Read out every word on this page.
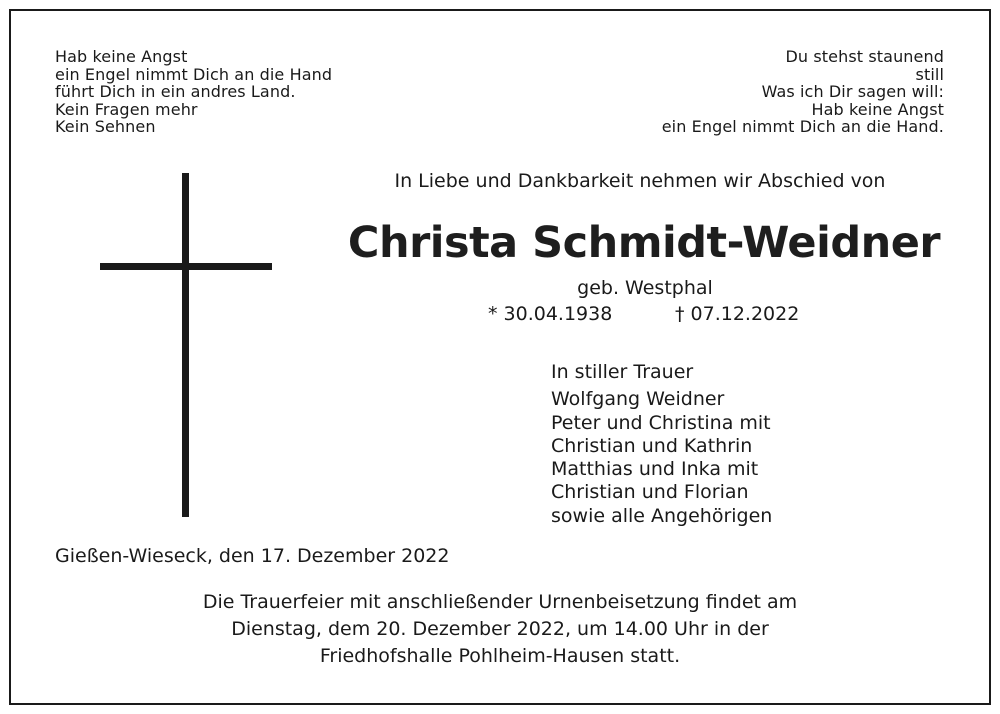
Hab keine Angst
ein Engel nimmt Dich an die Hand
führt Dich in ein andres Land.
Kein Fragen mehr
Kein Sehnen
Du stehst staunend
still
Was ich Dir sagen will:
Hab keine Angst
ein Engel nimmt Dich an die Hand.
In Liebe und Dankbarkeit nehmen wir Abschied von
Christa Schmidt-Weidner
geb. Westphal
* 30.04.1938	† 07.12.2022
In stiller Trauer
Wolfgang Weidner
Peter und Christina mit
Christian und Kathrin
Matthias und Inka mit
Christian und Florian
sowie alle Angehörigen
Gießen-Wieseck, den 17. Dezember 2022
Die Trauerfeier mit anschließender Urnenbeisetzung findet am
Dienstag, dem 20. Dezember 2022, um 14.00 Uhr in der
Friedhofshalle Pohlheim-Hausen statt.
